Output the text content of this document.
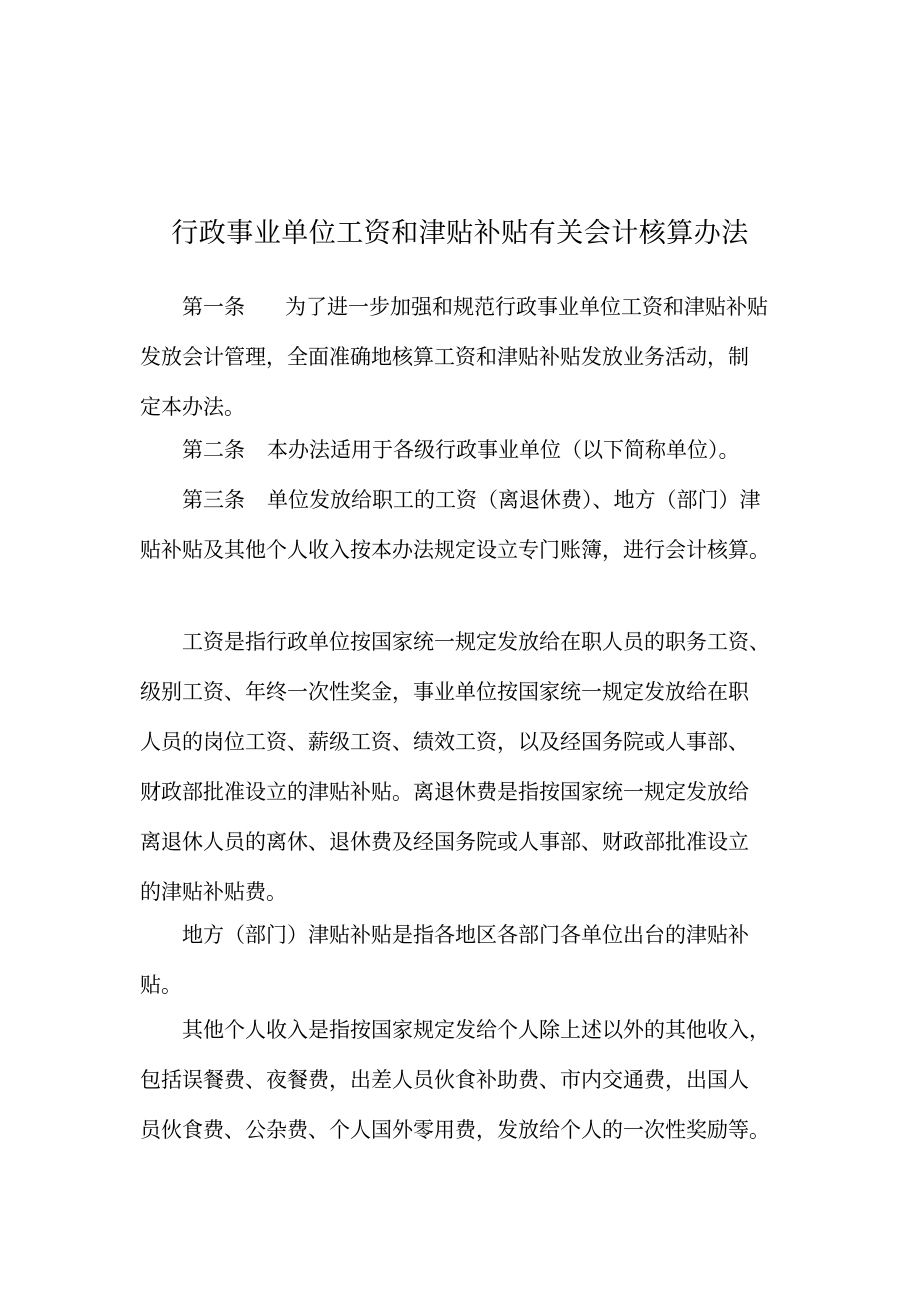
行政事业单位工资和津贴补贴有关会计核算办法
第一条 为了进一步加强和规范行政事业单位工资和津贴补贴
发放会计管理，全面准确地核算工资和津贴补贴发放业务活动，制
定本办法。
第二条 本办法适用于各级行政事业单位（以下简称单位）。
第三条 单位发放给职工的工资（离退休费）、地方（部门）津
贴补贴及其他个人收入按本办法规定设立专门账簿，进行会计核算。
工资是指行政单位按国家统一规定发放给在职人员的职务工资、
级别工资、年终一次性奖金，事业单位按国家统一规定发放给在职
人员的岗位工资、薪级工资、绩效工资，以及经国务院或人事部、
财政部批准设立的津贴补贴。离退休费是指按国家统一规定发放给
离退休人员的离休、退休费及经国务院或人事部、财政部批准设立
的津贴补贴费。
地方（部门）津贴补贴是指各地区各部门各单位出台的津贴补
贴。
其他个人收入是指按国家规定发给个人除上述以外的其他收入，
包括误餐费、夜餐费，出差人员伙食补助费、市内交通费，出国人
员伙食费、公杂费、个人国外零用费，发放给个人的一次性奖励等。
